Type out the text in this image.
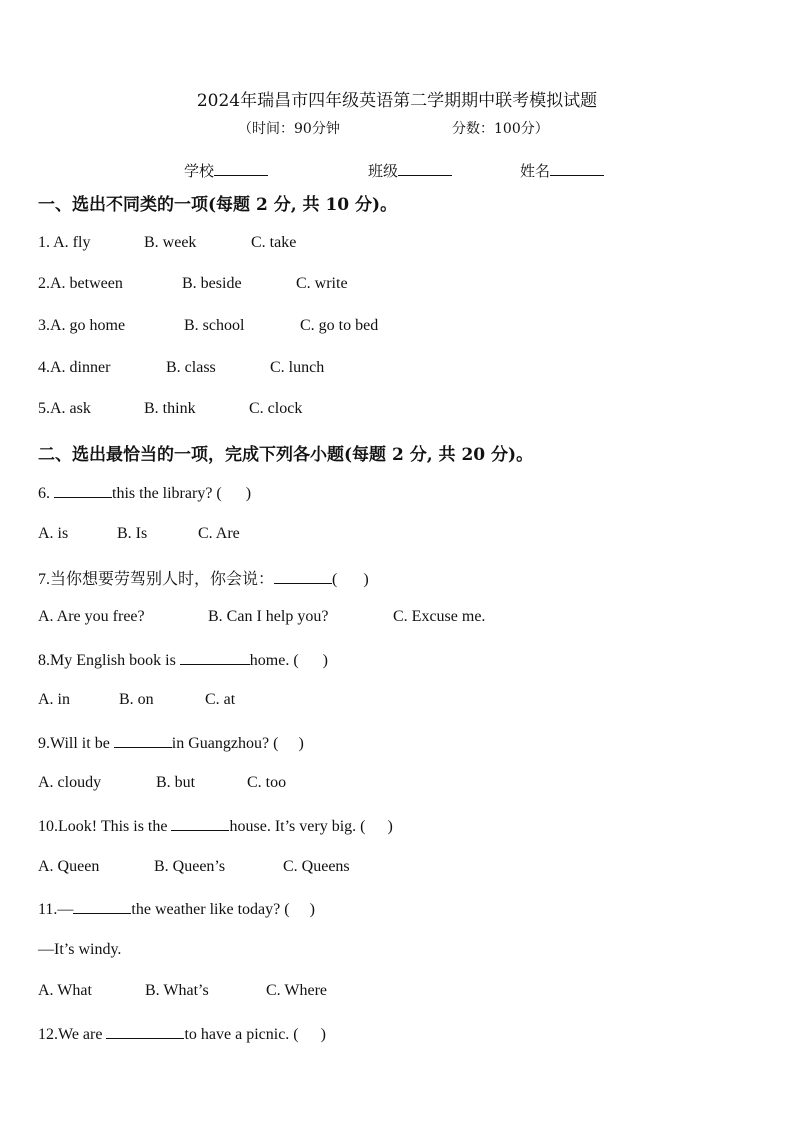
2024年瑞昌市四年级英语第二学期期中联考模拟试题
（时间：90分钟	分数：100分）
学校	班级	姓名
一、选出不同类的一项(每题 2 分, 共 10 分)。
1. A. fly	B. week	C. take
2.A. between	B. beside	C. write
3.A. go home	B. school	C. go to bed
4.A. dinner	B. class	C. lunch
5.A. ask	B. think	C. clock
二、选出最恰当的一项，完成下列各小题(每题 2 分, 共 20 分)。
6.	this the library? ( )
A. is	B. Is	C. Are
7.当你想要劳驾别人时，你会说：	( )
A. Are you free?	B. Can I help you?	C. Excuse me.
8.My English book is	home. ( )
A. in	B. on	C. at
9.Will it be	in Guangzhou? ( )
A. cloudy	B. but	C. too
10.Look! This is the	house. It’s very big. ( )
A. Queen	B. Queen’s	C. Queens
11.—	the weather like today? ( )
—It’s windy.
A. What	B. What’s	C. Where
12.We are	to have a picnic. ( )
